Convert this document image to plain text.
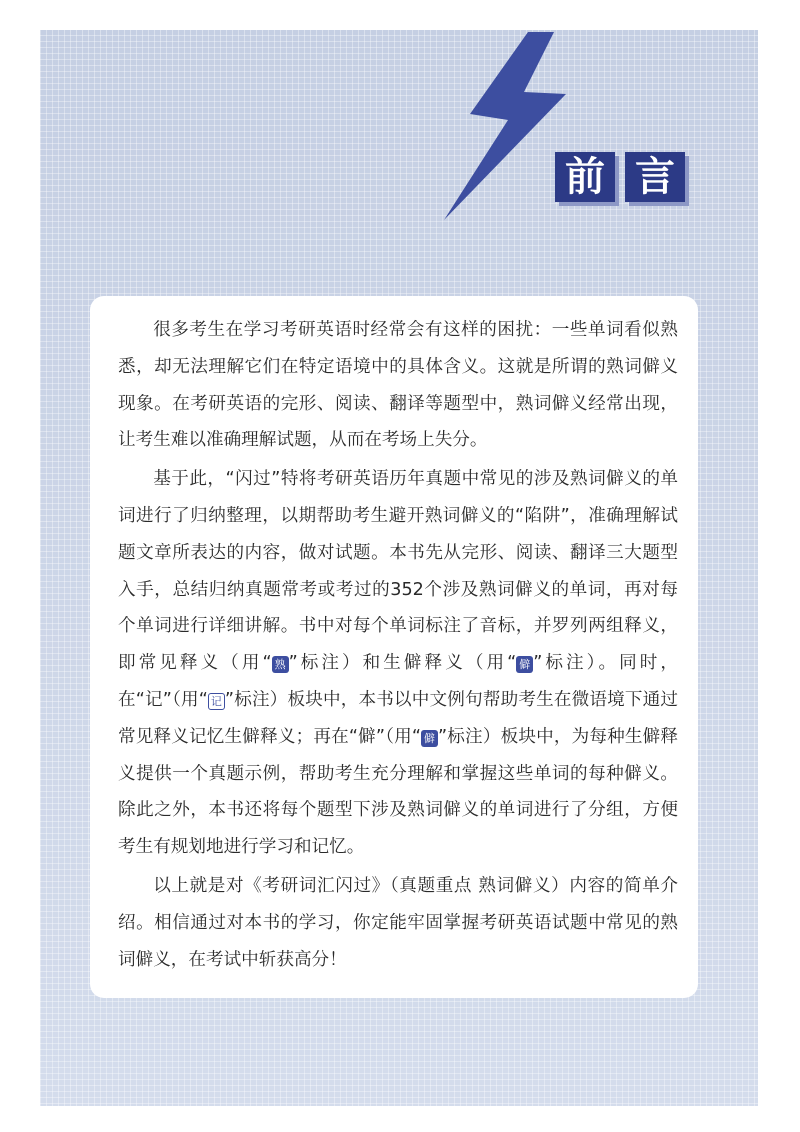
前 言

很多考生在学习考研英语时经常会有这样的困扰：一些单词看似熟悉，却无法理解它们在特定语境中的具体含义。这就是所谓的熟词僻义现象。在考研英语的完形、阅读、翻译等题型中，熟词僻义经常出现，让考生难以准确理解试题，从而在考场上失分。

基于此，“闪过”特将考研英语历年真题中常见的涉及熟词僻义的单词进行了归纳整理，以期帮助考生避开熟词僻义的“陷阱”，准确理解试题文章所表达的内容，做对试题。本书先从完形、阅读、翻译三大题型入手，总结归纳真题常考或考过的352个涉及熟词僻义的单词，再对每个单词进行详细讲解。书中对每个单词标注了音标，并罗列两组释义，即常见释义（用“ 熟 ”标注）和生僻释义（用“ 僻 ”标注）。同时，在“记”（用“ 记 ”标注）板块中，本书以中文例句帮助考生在微语境下通过常见释义记忆生僻释义；再在“僻”（用“ 僻 ”标注）板块中，为每种生僻释义提供一个真题示例，帮助考生充分理解和掌握这些单词的每种僻义。除此之外，本书还将每个题型下涉及熟词僻义的单词进行了分组，方便考生有规划地进行学习和记忆。

以上就是对《考研词汇闪过》（真题重点 熟词僻义）内容的简单介绍。相信通过对本书的学习，你定能牢固掌握考研英语试题中常见的熟词僻义，在考试中斩获高分！
